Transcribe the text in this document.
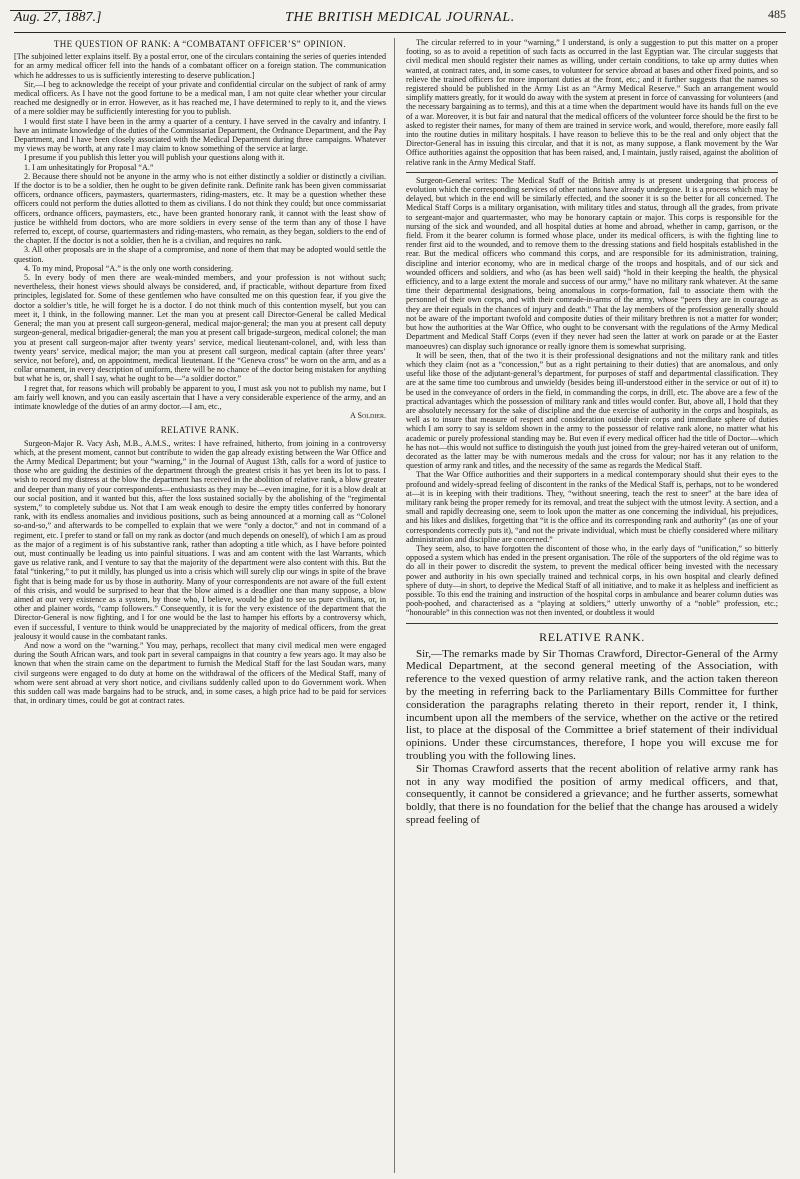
Aug. 27, 1887.]	THE BRITISH MEDICAL JOURNAL.	485
THE QUESTION OF RANK: A “COMBATANT OFFICER’S” OPINION.

[The subjoined letter explains itself. By a postal error, one of the circulars containing the series of queries intended for an army medical officer fell into the hands of a combatant officer on a foreign station. The communication which he addresses to us is sufficiently interesting to deserve publication.]

Sir,—I beg to acknowledge the receipt of your private and confidential circular on the subject of rank of army medical officers. As I have not the good fortune to be a medical man, I am not quite clear whether your circular reached me designedly or in error. However, as it has reached me, I have determined to reply to it, and the views of a mere soldier may be sufficiently interesting for you to publish.

I would first state I have been in the army a quarter of a century. I have served in the cavalry and infantry. I have an intimate knowledge of the duties of the Commissariat Department, the Ordnance Department, and the Pay Department, and I have been closely associated with the Medical Department during three campaigns. Whatever my views may be worth, at any rate I may claim to know something of the service at large.

I presume if you publish this letter you will publish your questions along with it.

1. I am unhesitatingly for Proposal “A.”

2. Because there should not be anyone in the army who is not either distinctly a soldier or distinctly a civilian. If the doctor is to be a soldier, then he ought to be given definite rank. Definite rank has been given commissariat officers, ordnance officers, paymasters, quartermasters, riding-masters, etc. It may be a question whether these officers could not perform the duties allotted to them as civilians. I do not think they could; but once commissariat officers, ordnance officers, paymasters, etc., have been granted honorary rank, it cannot with the least show of justice be withheld from doctors, who are more soldiers in every sense of the term than any of those I have referred to, except, of course, quartermasters and riding-masters, who remain, as they began, soldiers to the end of the chapter. If the doctor is not a soldier, then he is a civilian, and requires no rank.

3. All other proposals are in the shape of a compromise, and none of them that may be adopted would settle the question.

4. To my mind, Proposal “A.” is the only one worth considering.

5. In every body of men there are weak-minded members, and your profession is not without such; nevertheless, their honest views should always be considered, and, if practicable, without departure from fixed principles, legislated for. Some of these gentlemen who have consulted me on this question fear, if you give the doctor a soldier’s title, he will forget he is a doctor. I do not think much of this contention myself, but you can meet it, I think, in the following manner. Let the man you at present call Director-General be called Medical General; the man you at present call surgeon-general, medical major-general; the man you at present call deputy surgeon-general, medical brigadier-general; the man you at present call brigade-surgeon, medical colonel; the man you at present call surgeon-major after twenty years’ service, medical lieutenant-colonel, and, with less than twenty years’ service, medical major; the man you at present call surgeon, medical captain (after three years’ service, not before), and, on appointment, medical lieutenant. If the “Geneva cross” be worn on the arm, and as a collar ornament, in every description of uniform, there will be no chance of the doctor being mistaken for anything but what he is, or, shall I say, what he ought to be—“a soldier doctor.”

I regret that, for reasons which will probably be apparent to you, I must ask you not to publish my name, but I am fairly well known, and you can easily ascertain that I have a very considerable experience of the army, and an intimate knowledge of the duties of an army doctor.—I am, etc.,

A Soldier.

RELATIVE RANK.

Surgeon-Major R. Vacy Ash, M.B., A.M.S., writes: I have refrained, hitherto, from joining in a controversy which, at the present moment, cannot but contribute to widen the gap already existing between the War Office and the Army Medical Department; but your “warning,” in the Journal of August 13th, calls for a word of justice to those who are guiding the destinies of the department through the greatest crisis it has yet been its lot to pass. I wish to record my distress at the blow the department has received in the abolition of relative rank, a blow greater and deeper than many of your correspondents—enthusiasts as they may be—even imagine, for it is a blow dealt at our social position, and it wanted but this, after the loss sustained socially by the abolishing of the “regimental system,” to completely subdue us. Not that I am weak enough to desire the empty titles conferred by honorary rank, with its endless anomalies and invidious positions, such as being announced at a morning call as “Colonel so-and-so,” and afterwards to be compelled to explain that we were “only a doctor,” and not in command of a regiment, etc. I prefer to stand or fall on my rank as doctor (and much depends on oneself), of which I am as proud as the major of a regiment is of his substantive rank, rather than adopting a title which, as I have before pointed out, must continually be leading us into painful situations. I was and am content with the last Warrants, which gave us relative rank, and I venture to say that the majority of the department were also content with this. But the fatal “tinkering,” to put it mildly, has plunged us into a crisis which will surely clip our wings in spite of the brave fight that is being made for us by those in authority. Many of your correspondents are not aware of the full extent of this crisis, and would be surprised to hear that the blow aimed is a deadlier one than many suppose, a blow aimed at our very existence as a system, by those who, I believe, would be glad to see us pure civilians, or, in other and plainer words, “camp followers.” Consequently, it is for the very existence of the department that the Director-General is now fighting, and I for one would be the last to hamper his efforts by a controversy which, even if successful, I venture to think would be unappreciated by the majority of medical officers, from the great jealousy it would cause in the combatant ranks.

And now a word on the “warning.” You may, perhaps, recollect that many civil medical men were engaged during the South African wars, and took part in several campaigns in that country a few years ago. It may also be known that when the strain came on the department to furnish the Medical Staff for the last Soudan wars, many civil surgeons were engaged to do duty at home on the withdrawal of the officers of the Medical Staff, many of whom were sent abroad at very short notice, and civilians suddenly called upon to do Government work. When this sudden call was made bargains had to be struck, and, in some cases, a high price had to be paid for services that, in ordinary times, could be got at contract rates.

The circular referred to in your “warning,” I understand, is only a suggestion to put this matter on a proper footing, so as to avoid a repetition of such facts as occurred in the last Egyptian war. The circular suggests that civil medical men should register their names as willing, under certain conditions, to take up army duties when wanted, at contract rates, and, in some cases, to volunteer for service abroad at bases and other fixed points, and so relieve the trained officers for more important duties at the front, etc.; and it further suggests that the names so registered should be published in the Army List as an “Army Medical Reserve.” Such an arrangement would simplify matters greatly, for it would do away with the system at present in force of canvassing for volunteers (and the necessary bargaining as to terms), and this at a time when the department would have its hands full on the eve of a war. Moreover, it is but fair and natural that the medical officers of the volunteer force should be the first to be asked to register their names, for many of them are trained in service work, and would, therefore, more easily fall into the routine duties in military hospitals. I have reason to believe this to be the real and only object that the Director-General has in issuing this circular, and that it is not, as many suppose, a flank movement by the War Office authorities against the opposition that has been raised, and, I maintain, justly raised, against the abolition of relative rank in the Army Medical Staff.

Surgeon-General writes: The Medical Staff of the British army is at present undergoing that process of evolution which the corresponding services of other nations have already undergone. It is a process which may be delayed, but which in the end will be similarly effected, and the sooner it is so the better for all concerned. The Medical Staff Corps is a military organisation, with military titles and status, through all the grades, from private to sergeant-major and quartermaster, who may be honorary captain or major. This corps is responsible for the nursing of the sick and wounded, and all hospital duties at home and abroad, whether in camp, garrison, or the field. From it the bearer column is formed whose place, under its medical officers, is with the fighting line to render first aid to the wounded, and to remove them to the dressing stations and field hospitals established in the rear. But the medical officers who command this corps, and are responsible for its administration, training, discipline and interior economy, who are in medical charge of the troops and hospitals, and of our sick and wounded officers and soldiers, and who (as has been well said) “hold in their keeping the health, the physical efficiency, and to a large extent the morale and success of our army,” have no military rank whatever. At the same time their departmental designations, being anomalous in corps-formation, fail to associate them with the personnel of their own corps, and with their comrade-in-arms of the army, whose “peers they are in courage as they are their equals in the chances of injury and death.” That the lay members of the profession generally should not be aware of the important twofold and composite duties of their military brethren is not a matter for wonder; but how the authorities at the War Office, who ought to be conversant with the regulations of the Army Medical Department and Medical Staff Corps (even if they never had seen the latter at work on parade or at the Easter manoeuvres) can display such ignorance or really ignore them is somewhat surprising.

It will be seen, then, that of the two it is their professional designations and not the military rank and titles which they claim (not as a “concession,” but as a right pertaining to their duties) that are anomalous, and only useful like those of the adjutant-general’s department, for purposes of staff and departmental classification. They are at the same time too cumbrous and unwieldy (besides being ill-understood either in the service or out of it) to be used in the conveyance of orders in the field, in commanding the corps, in drill, etc. The above are a few of the practical advantages which the possession of military rank and titles would confer. But, above all, I hold that they are absolutely necessary for the sake of discipline and the due exercise of authority in the corps and hospitals, as well as to insure that measure of respect and consideration outside their corps and immediate sphere of duties which I am sorry to say is seldom shown in the army to the possessor of relative rank alone, no matter what his academic or purely professional standing may be. But even if every medical officer had the title of Doctor—which he has not—this would not suffice to distinguish the youth just joined from the grey-haired veteran out of uniform, decorated as the latter may be with numerous medals and the cross for valour; nor has it any relation to the question of army rank and titles, and the necessity of the same as regards the Medical Staff.

That the War Office authorities and their supporters in a medical contemporary should shut their eyes to the profound and widely-spread feeling of discontent in the ranks of the Medical Staff is, perhaps, not to be wondered at—it is in keeping with their traditions. They, “without sneering, teach the rest to sneer” at the bare idea of military rank being the proper remedy for its removal, and treat the subject with the utmost levity. A section, and a small and rapidly decreasing one, seem to look upon the matter as one concerning the individual, his prejudices, and his likes and dislikes, forgetting that “it is the office and its corresponding rank and authority” (as one of your correspondents correctly puts it), “and not the private individual, which must be chiefly considered where military administration and discipline are concerned.”

They seem, also, to have forgotten the discontent of those who, in the early days of “unification,” so bitterly opposed a system which has ended in the present organisation. The rôle of the supporters of the old régime was to do all in their power to discredit the system, to prevent the medical officer being invested with the necessary power and authority in his own specially trained and technical corps, in his own hospital and clearly defined sphere of duty—in short, to deprive the Medical Staff of all initiative, and to make it as helpless and inefficient as possible. To this end the training and instruction of the hospital corps in ambulance and bearer column duties was pooh-poohed, and characterised as a “playing at soldiers,” utterly unworthy of a “noble” profession, etc.; “honourable” in this connection was not then invented, or doubtless it would

RELATIVE RANK.

Sir,—The remarks made by Sir Thomas Crawford, Director-General of the Army Medical Department, at the second general meeting of the Association, with reference to the vexed question of army relative rank, and the action taken thereon by the meeting in referring back to the Parliamentary Bills Committee for further consideration the paragraphs relating thereto in their report, render it, I think, incumbent upon all the members of the service, whether on the active or the retired list, to place at the disposal of the Committee a brief statement of their individual opinions. Under these circumstances, therefore, I hope you will excuse me for troubling you with the following lines.

Sir Thomas Crawford asserts that the recent abolition of relative army rank has not in any way modified the position of army medical officers, and that, consequently, it cannot be considered a grievance; and he further asserts, somewhat boldly, that there is no foundation for the belief that the change has aroused a widely spread feeling of
